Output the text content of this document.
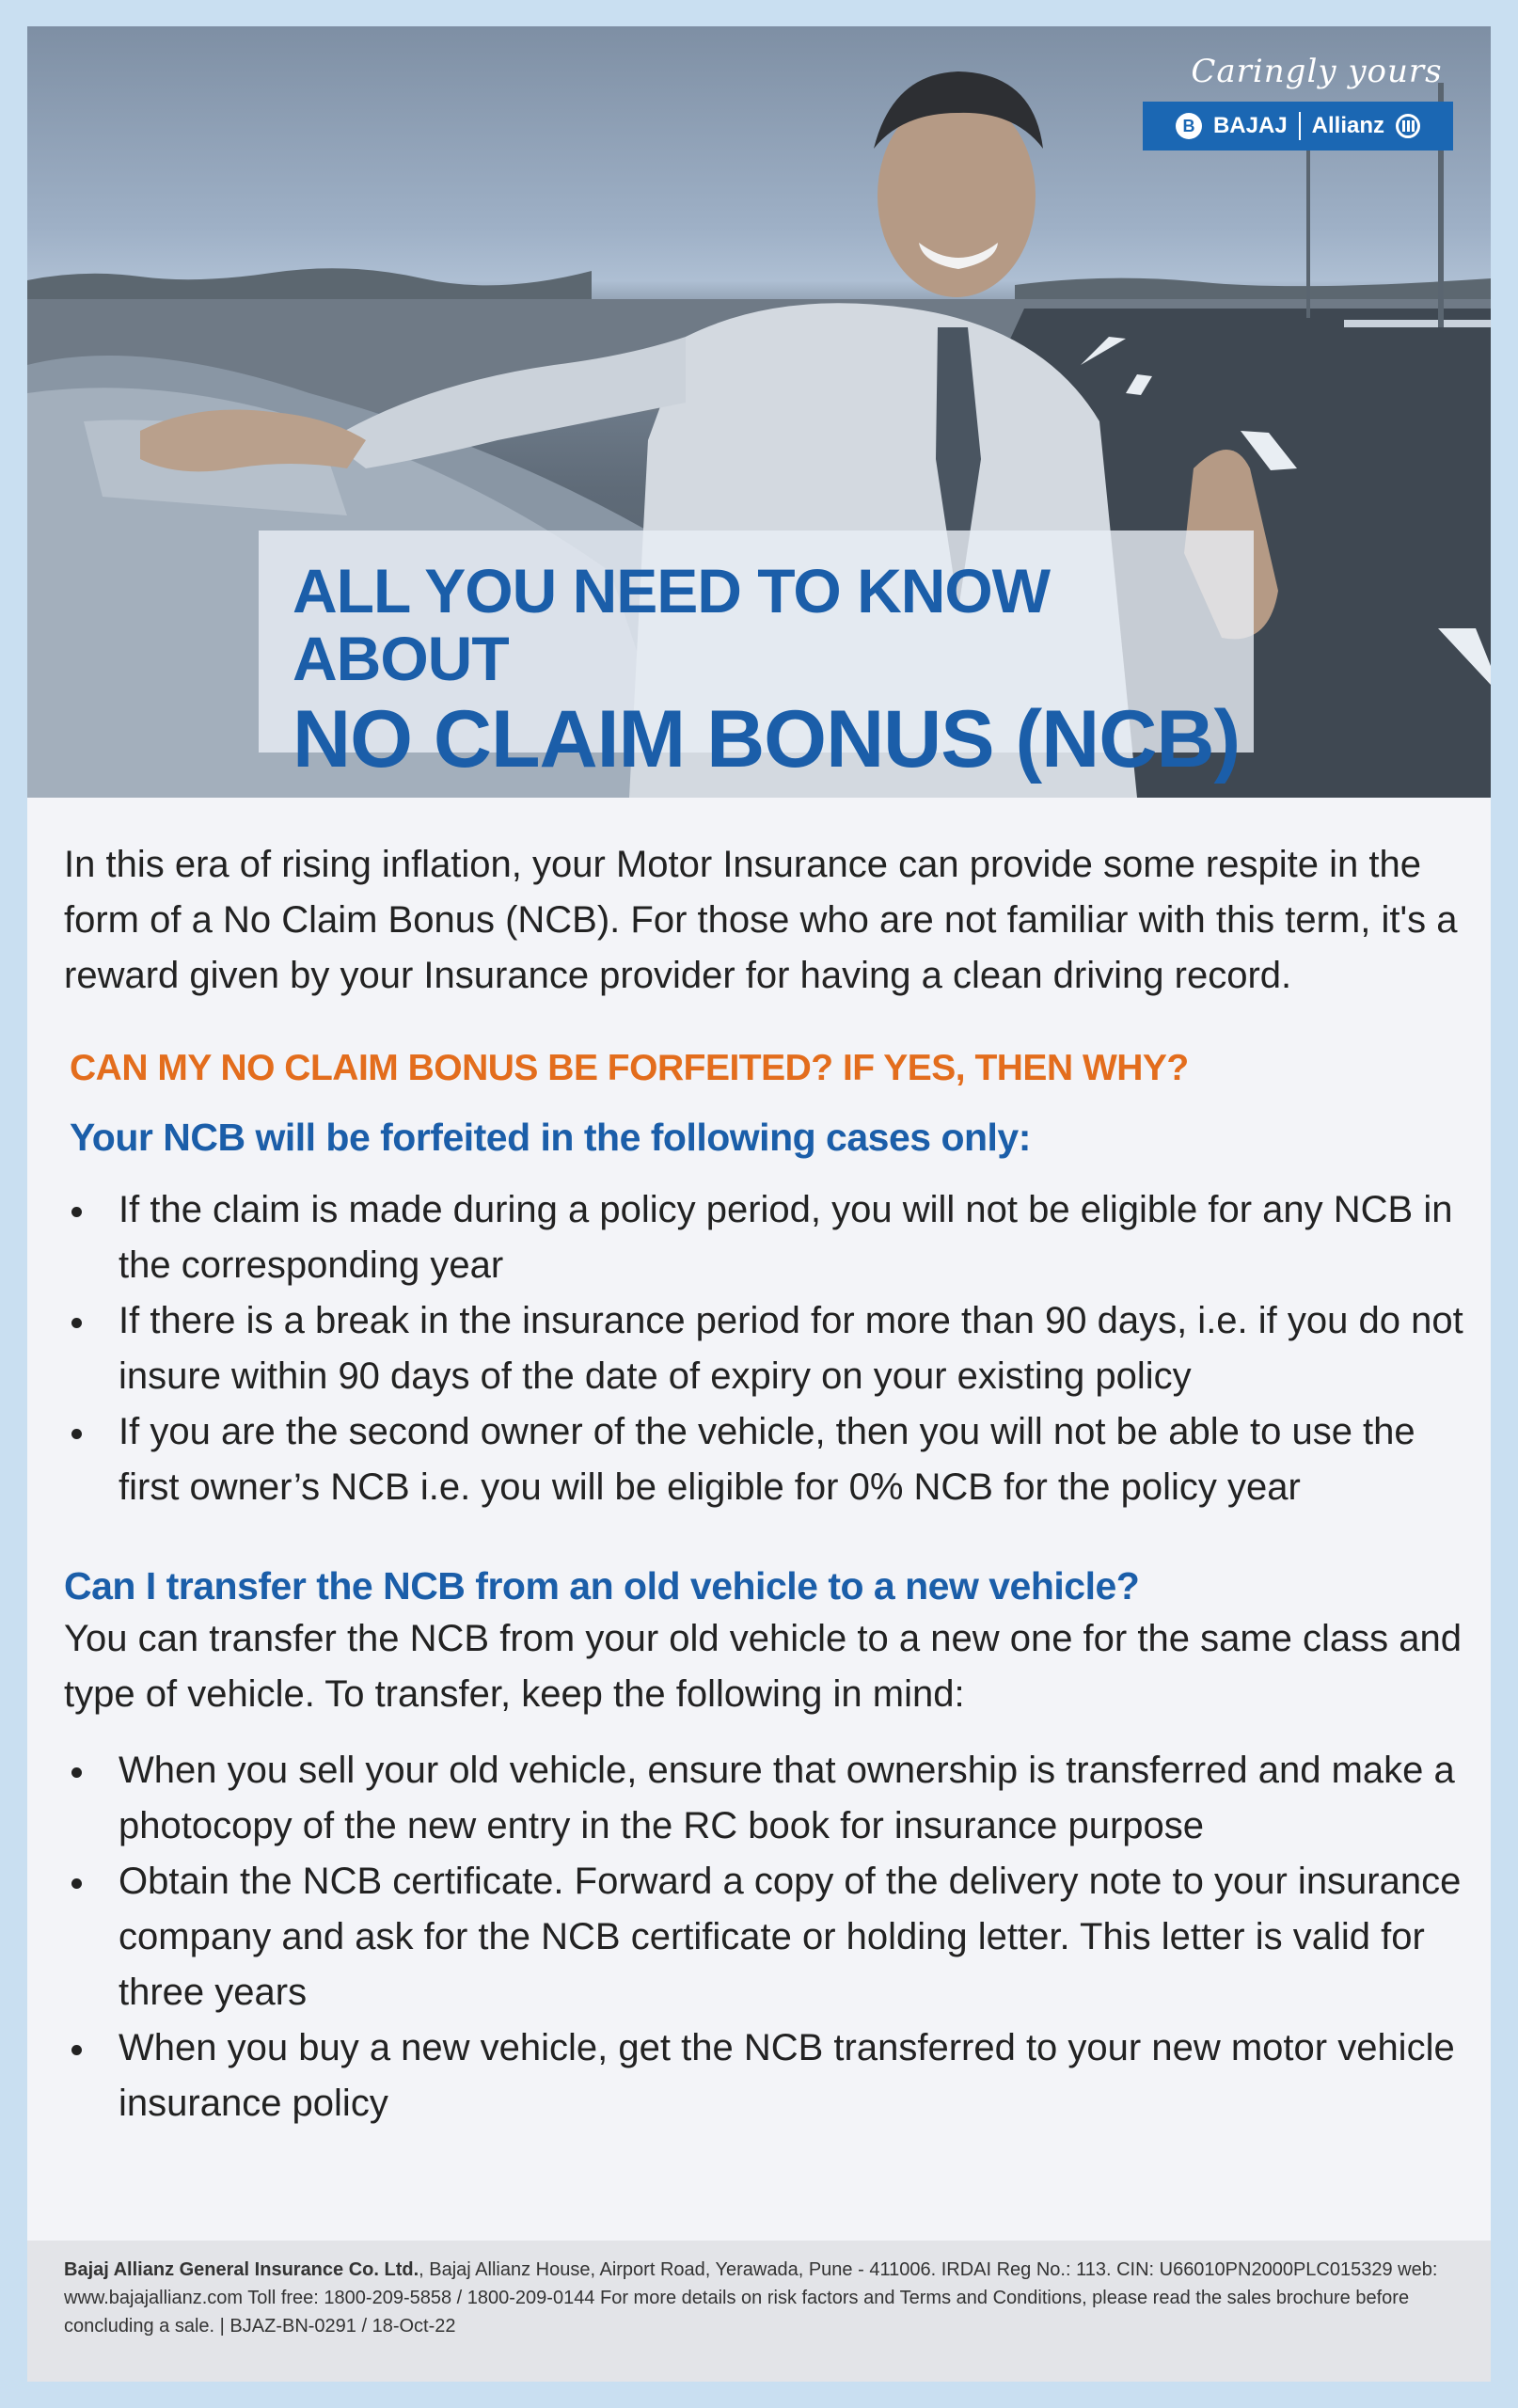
Caringly yours
B BAJAJ Allianz
ALL YOU NEED TO KNOW ABOUT
NO CLAIM BONUS (NCB)

In this era of rising inflation, your Motor Insurance can provide some respite in the form of a No Claim Bonus (NCB). For those who are not familiar with this term, it's a reward given by your Insurance provider for having a clean driving record.

CAN MY NO CLAIM BONUS BE FORFEITED? IF YES, THEN WHY?
Your NCB will be forfeited in the following cases only:
If the claim is made during a policy period, you will not be eligible for any NCB in the corresponding year
If there is a break in the insurance period for more than 90 days, i.e. if you do not insure within 90 days of the date of expiry on your existing policy
If you are the second owner of the vehicle, then you will not be able to use the first owner’s NCB i.e. you will be eligible for 0% NCB for the policy year
Can I transfer the NCB from an old vehicle to a new vehicle?

You can transfer the NCB from your old vehicle to a new one for the same class and type of vehicle. To transfer, keep the following in mind:

When you sell your old vehicle, ensure that ownership is transferred and make a photocopy of the new entry in the RC book for insurance purpose
Obtain the NCB certificate. Forward a copy of the delivery note to your insurance company and ask for the NCB certificate or holding letter. This letter is valid for three years
When you buy a new vehicle, get the NCB transferred to your new motor vehicle insurance policy
Bajaj Allianz General Insurance Co. Ltd., Bajaj Allianz House, Airport Road, Yerawada, Pune - 411006. IRDAI Reg No.: 113. CIN: U66010PN2000PLC015329 web: www.bajajallianz.com Toll free: 1800-209-5858 / 1800-209-0144 For more details on risk factors and Terms and Conditions, please read the sales brochure before concluding a sale. | BJAZ-BN-0291 / 18-Oct-22
